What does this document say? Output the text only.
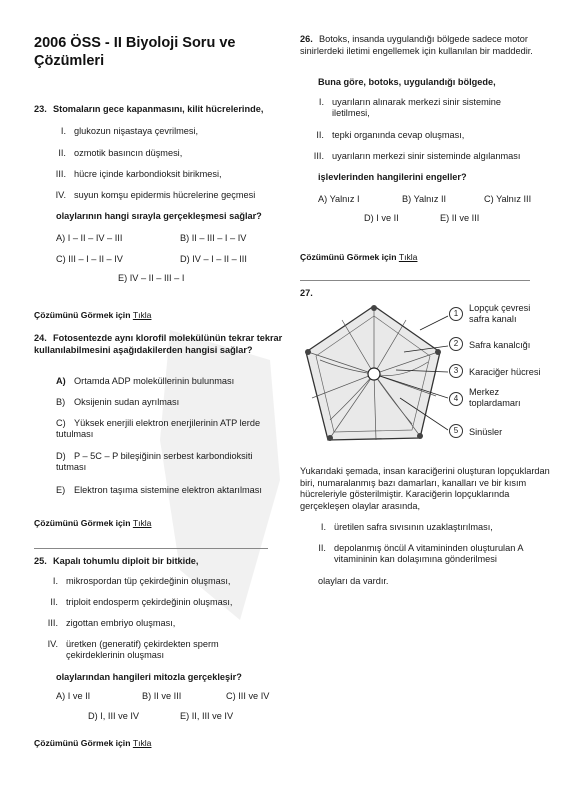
2006 ÖSS - II Biyoloji Soru ve Çözümleri
23. Stomaların gece kapanmasını, kilit hücrelerinde,
I. glukozun nişastaya çevrilmesi,
II. ozmotik basıncın düşmesi,
III. hücre içinde karbondioksit birikmesi,
IV. suyun komşu epidermis hücrelerine geçmesi
olaylarının hangi sırayla gerçekleşmesi sağlar?
A) I – II – IV – III	B) II – III – I – IV
C) III – I – II – IV	D) IV – I – II – III
E) IV – II – III – I
Çözümünü Görmek için Tıkla
24. Fotosentezde aynı klorofil molekülünün tekrar tekrar kullanılabilmesini aşağıdakilerden hangisi sağlar?
A) Ortamda ADP moleküllerinin bulunması
B) Oksijenin sudan ayrılması
C) Yüksek enerjili elektron enerjilerinin ATP lerde tutulması
D) P – 5C – P bileşiğinin serbest karbondioksiti tutması
E) Elektron taşıma sistemine elektron aktarılması
Çözümünü Görmek için Tıkla
25. Kapalı tohumlu diploit bir bitkide,
I. mikrospordan tüp çekirdeğinin oluşması,
II. triploit endosperm çekirdeğinin oluşması,
III. zigottan embriyo oluşması,
IV. üretken (generatif) çekirdekten sperm çekirdeklerinin oluşması
olaylarından hangileri mitozla gerçekleşir?
A) I ve II	B) II ve III	C) III ve IV
D) I, III ve IV	E) II, III ve IV
Çözümünü Görmek için Tıkla
26. Botoks, insanda uygulandığı bölgede sadece motor sinirlerdeki iletimi engellemek için kullanılan bir maddedir.
Buna göre, botoks, uygulandığı bölgede,
I. uyarıların alınarak merkezi sinir sistemine iletilmesi,
II. tepki organında cevap oluşması,
III. uyarıların merkezi sinir sisteminde algılanması
işlevlerinden hangilerini engeller?
A) Yalnız I	B) Yalnız II	C) Yalnız III
D) I ve II	E) II ve III
Çözümünü Görmek için Tıkla
27.
1
Lopçuk çevresi safra kanalı
2	Safra kanalcığı
3	Karaciğer hücresi
4
Merkez toplardamarı
5	Sinüsler
Yukarıdaki şemada, insan karaciğerini oluşturan lopçuklardan biri, numaralanmış bazı damarları, kanalları ve bir kısım hücreleriyle gösterilmiştir. Karaciğerin lopçuklarında gerçekleşen olaylar arasında,
I. üretilen safra sıvısının uzaklaştırılması,
II. depolanmış öncül A vitamininden oluşturulan A vitamininin kan dolaşımına gönderilmesi
olayları da vardır.
